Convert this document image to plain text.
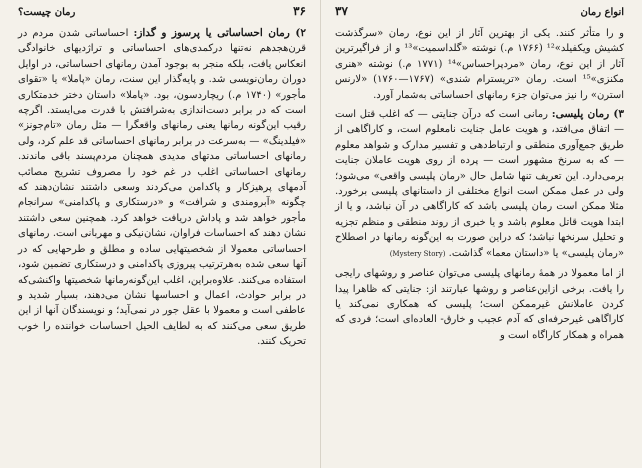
۳۶
رمان چیست؟

۲) رمان احساساتی یا پرسوز و گداز: احساساتی شدن مردم در قرن‌هجدهم نه‌تنها درکمدی‌های احساساتی و تراژدیهای خانوادگی انعکاس یافت، بلکه منجر به بوجود آمدن رمانهای احساساتی، در اوایل دوران رمان‌نویسی شد. و پایه‌گذار این سنت، رمان «پاملا» یا «تقوای مأجور» (۱۷۴۰ م.) ریچاردسون، بود. «پاملا» داستان دختر خدمتکاری است که در برابر دست‌اندازی به‌شرافتش با قدرت می‌ایستد. اگرچه رقیب این‌گونه رمانها یعنی رمانهای واقعگرا — مثل رمان «تام‌جونز» «فیلدینگ» — به‌سرعت در برابر رمانهای احساساتی قد علم کرد، ولی رمانهای احساساتی مدتهای مدیدی همچنان مردم‌پسند باقی ماندند. رمانهای احساساتی اغلب در غم خود را مصروف تشریح مصائب آدمهای پرهیزکار و پاکدامن می‌کردند وسعی داشتند نشان‌دهند که چگونه «آبرومندی و شرافت» و «درستکاری و پاکدامنی» سرانجام مأجور خواهد شد و پاداش دریافت خواهد کرد. همچنین سعی داشتند نشان دهند که احساسات فراوان، نشان‌نیکی و مهربانی است. رمانهای احساساتی معمولا از شخصیتهایی ساده و مطلق و طرحهایی که در آنها سعی شده به‌هرترتیب پیروزی پاکدامنی و درستکاری تضمین شود، استفاده می‌کنند. علاوه‌براین، اغلب این‌گونه‌رمانها شخصیتها واکنشی‌که در برابر حوادث، اعمال و احساسها نشان می‌دهند، بسیار شدید و عاطفی است و معمولا با عقل جور در نمی‌آید؛ و نویسندگان آنها از این طریق سعی می‌کنند که به لطایف الحیل احساسات خواننده را خوب تحریک کنند.

انواع رمان
۳۷

و را متأثر کنند. یکی از بهترین آثار از این نوع، رمان «سرگذشت کشیش ویکفیلد»¹² (۱۷۶۶ م.) نوشته «گلداسمیت»¹³ و از فراگیرترین آثار از این نوع، رمان «مردپراحساس»¹⁴ (۱۷۷۱ م.) نوشته «هنری مکنزی»¹⁵ است. رمان «تریسترام شندی» (۱۷۶۷—۱۷۶۰) «لارنس استرن» را نیز می‌توان جزء رمانهای احساساتی به‌شمار آورد.

۳) رمان پلیسی: رمانی است که درآن جنایتی — که اغلب قتل است — اتفاق می‌افتد، و هویت عامل جنایت نامعلوم است، و کاراگاهی از طریق جمع‌آوری منطقی و ارتباط‌دهی و تفسیر مدارک و شواهد معلوم — که به سرنخ مشهور است — پرده از روی هویت عاملان جنایت برمی‌دارد. این تعریف تنها شامل حال «رمان پلیسی واقعی» می‌شود؛ ولی در عمل ممکن است انواع مختلفی از داستانهای پلیسی برخورد. مثلا ممکن است رمان پلیسی باشد که کاراگاهی در آن نباشد، و یا از ابتدا هویت قاتل معلوم باشد و یا خبری از روند منطقی و منظم تجزیه و تحلیل سرنخها نباشد؛ که دراین صورت به این‌گونه رمانها در اصطلاح «رمان پلیسی» یا «داستان معما» گذاشت. (Mystery Story)

از اما معمولا در همهٔ رمانهای پلیسی می‌توان عناصر و روشهای رایجی را یافت. برخی ازاین‌عناصر و روشها عبارتند از: جنایتی که ظاهرا پیدا کردن عاملانش غیرممکن است؛ پلیسی که همکاری نمی‌کند یا کاراگاهی غیرحرفه‌ای که آدم عجیب و خارق- العاده‌ای است؛ فردی که همراه و همکار کاراگاه است و
